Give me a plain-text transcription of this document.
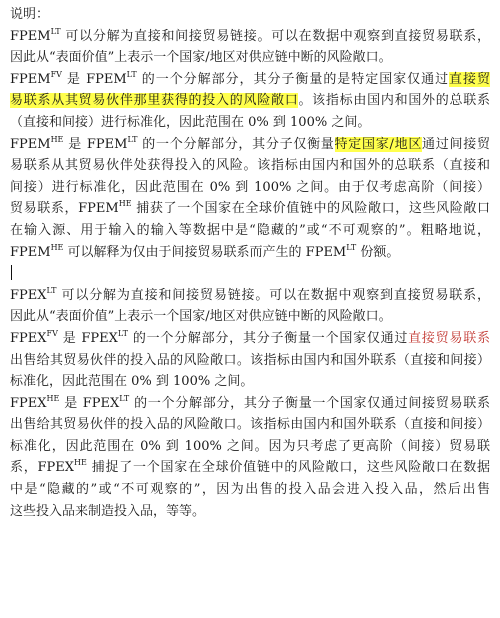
说明：
$FPEM^{LT}$ 可以分解为直接和间接贸易链接。可以在数据中观察到直接贸易联系，
因此从“表面价值”上表示一个国家/地区对供应链中断的风险敞口。
$FPEM^{FV}$ 是 $FPEM^{LT}$ 的一个分解部分，其分子衡量的是特定国家仅通过直接贸
易联系从其贸易伙伴那里获得的投入的风险敞口。该指标由国内和国外的总联系
（直接和间接）进行标准化，因此范围在 0% 到 100% 之间。
$FPEM^{HE}$ 是 $FPEM^{LT}$ 的一个分解部分，其分子仅衡量特定国家/地区通过间接贸
易联系从其贸易伙伴处获得投入的风险。该指标由国内和国外的总联系（直接和
间接）进行标准化，因此范围在 0% 到 100% 之间。由于仅考虑高阶（间接）
贸易联系，$FPEM^{HE}$ 捕获了一个国家在全球价值链中的风险敞口，这些风险敞口
在输入源、用于输入的输入等数据中是“隐藏的”或“不可观察的”。粗略地说，
$FPEM^{HE}$ 可以解释为仅由于间接贸易联系而产生的 $FPEM^{LT}$ 份额。
$FPEX^{LT}$ 可以分解为直接和间接贸易链接。可以在数据中观察到直接贸易联系，
因此从“表面价值”上表示一个国家/地区对供应链中断的风险敞口。
$FPEX^{FV}$ 是 $FPEX^{LT}$ 的一个分解部分，其分子衡量一个国家仅通过直接贸易联系
出售给其贸易伙伴的投入品的风险敞口。该指标由国内和国外联系（直接和间接）
标准化，因此范围在 0% 到 100% 之间。
$FPEX^{HE}$ 是 $FPEX^{LT}$ 的一个分解部分，其分子衡量一个国家仅通过间接贸易联系
出售给其贸易伙伴的投入品的风险敞口。该指标由国内和国外联系（直接和间接）
标准化，因此范围在 0% 到 100% 之间。因为只考虑了更高阶（间接）贸易联
系，$FPEX^{HE}$ 捕捉了一个国家在全球价值链中的风险敞口，这些风险敞口在数据
中是“隐藏的”或“不可观察的”，因为出售的投入品会进入投入品，然后出售
这些投入品来制造投入品，等等。
